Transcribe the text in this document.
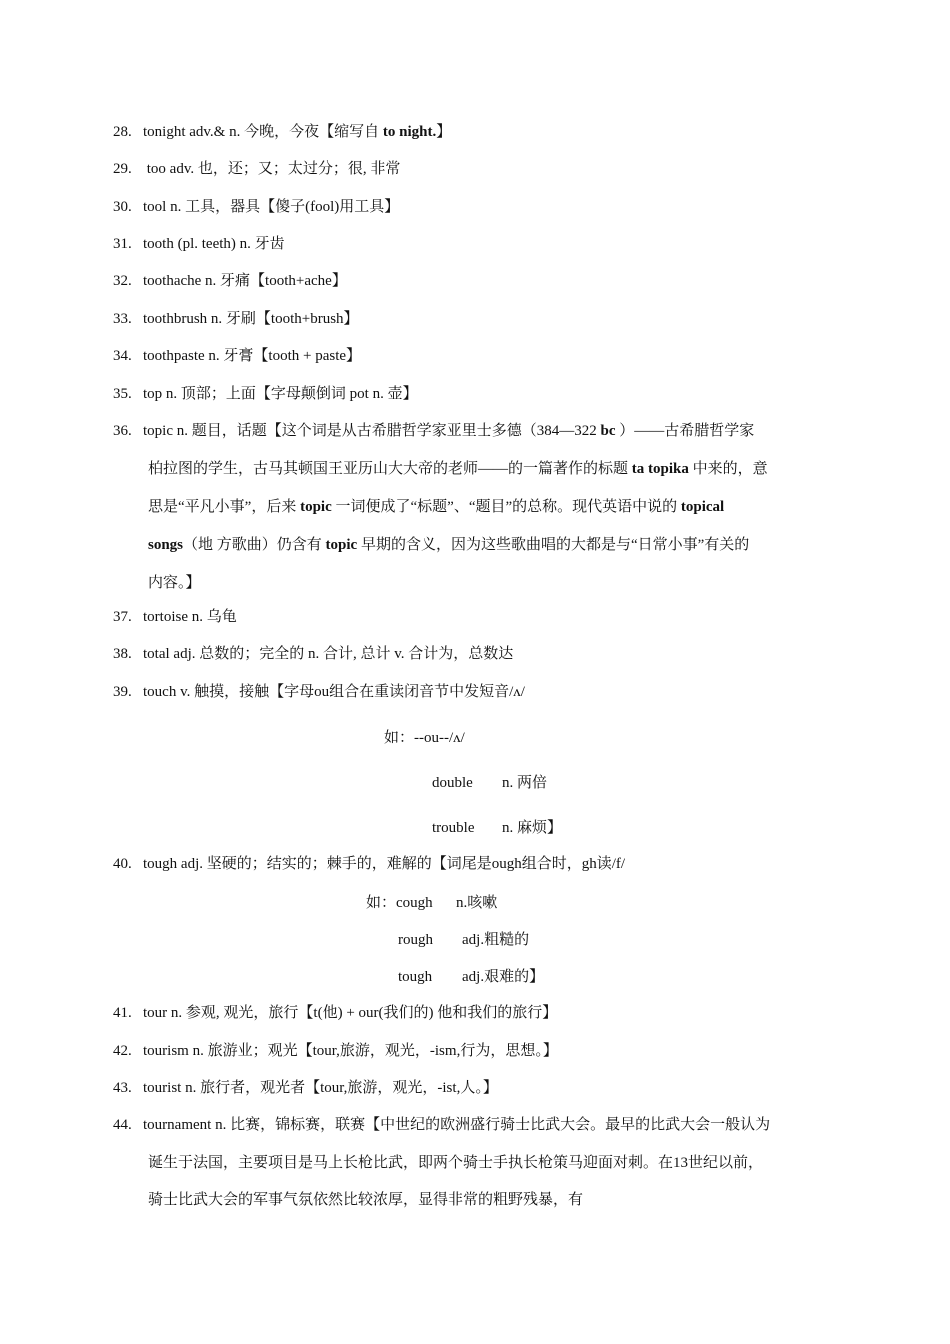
28. tonight adv.& n. 今晚，今夜【缩写自 to night.】
29. too adv. 也，还；又；太过分；很, 非常
30. tool n. 工具，器具【傻子(fool)用工具】
31. tooth (pl. teeth) n. 牙齿
32. toothache n. 牙痛【tooth+ache】
33. toothbrush n. 牙刷【tooth+brush】
34. toothpaste n. 牙膏【tooth + paste】
35. top n. 顶部；上面【字母颠倒词 pot n. 壶】
36. topic n. 题目，话题【这个词是从古希腊哲学家亚里士多德（384—322 bc ）——古希腊哲学家
柏拉图的学生，古马其顿国王亚历山大大帝的老师——的一篇著作的标题 ta topika 中来的，意
思是“平凡小事”，后来 topic 一词便成了“标题”、“题目”的总称。现代英语中说的 topical
songs（地 方歌曲）仍含有 topic 早期的含义，因为这些歌曲唱的大都是与“日常小事”有关的
内容。】
37. tortoise n. 乌龟
38. total adj. 总数的；完全的 n. 合计, 总计 v. 合计为，总数达
39. touch v. 触摸，接触【字母ou组合在重读闭音节中发短音/ʌ/
如：--ou--/ʌ/
double n. 两倍
trouble n. 麻烦】
40. tough adj. 坚硬的；结实的；棘手的，难解的【词尾是ough组合时，gh读/f/
如：cough n.咳嗽
rough adj.粗糙的
tough adj.艰难的】
41. tour n. 参观, 观光，旅行【t(他) + our(我们的) 他和我们的旅行】
42. tourism n. 旅游业；观光【tour,旅游，观光，-ism,行为，思想。】
43. tourist n. 旅行者，观光者【tour,旅游，观光，-ist,人。】
44. tournament n. 比赛，锦标赛，联赛【中世纪的欧洲盛行骑士比武大会。最早的比武大会一般认为
诞生于法国，主要项目是马上长枪比武，即两个骑士手执长枪策马迎面对刺。在13世纪以前，
骑士比武大会的军事气氛依然比较浓厚，显得非常的粗野残暴，有
